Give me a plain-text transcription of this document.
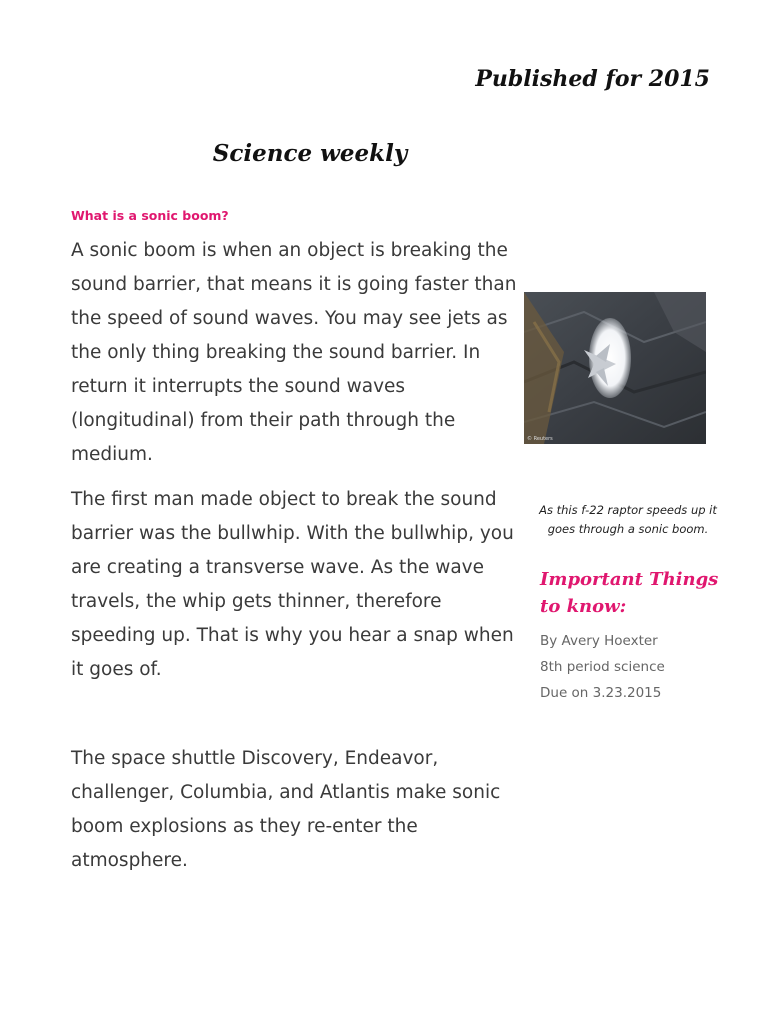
Published for 2015
Science weekly
What is a sonic boom?

A sonic boom is when an object is breaking the sound barrier, that means it is going faster than the speed of sound waves. You may see jets as the only thing breaking the sound barrier. In return it interrupts the sound waves (longitudinal) from their path through the medium.

The first man made object to break the sound barrier was the bullwhip. With the bullwhip, you are creating a transverse wave. As the wave travels, the whip gets thinner, therefore speeding up. That is why you hear a snap when it goes of.

The space shuttle Discovery, Endeavor, challenger, Columbia, and Atlantis make sonic boom explosions as they re-enter the atmosphere.

© Reuters
As this f-22 raptor speeds up it goes through a sonic boom.
Important Things to know:
By Avery Hoexter
8th period science
Due on 3.23.2015
